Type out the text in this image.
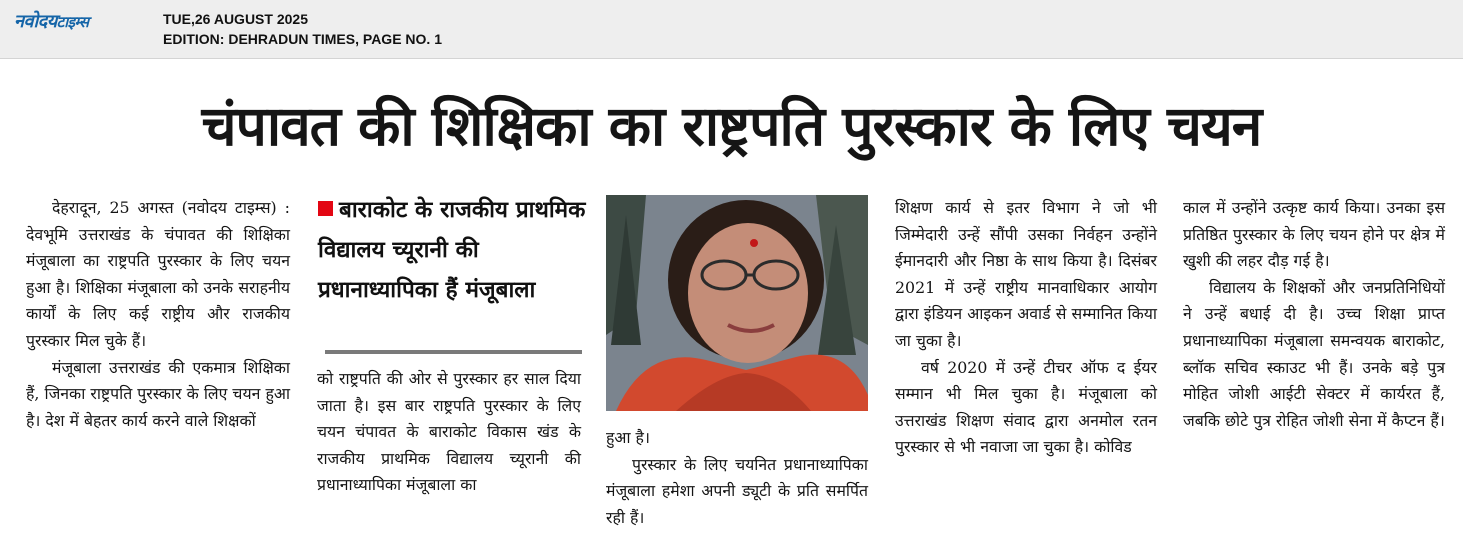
नवोदयटाइम्स	TUE,26 AUGUST 2025
EDITION: DEHRADUN TIMES, PAGE NO. 1
चंपावत की शिक्षिका का राष्ट्रपति पुरस्कार के लिए चयन

देहरादून, 25 अगस्त (नवोदय टाइम्स) : देवभूमि उत्तराखंड के चंपावत की शिक्षिका मंजूबाला का राष्ट्रपति पुरस्कार के लिए चयन हुआ है। शिक्षिका मंजूबाला को उनके सराहनीय कार्यों के लिए कई राष्ट्रीय और राजकीय पुरस्कार मिल चुके हैं।

मंजूबाला उत्तराखंड की एकमात्र शिक्षिका हैं, जिनका राष्ट्रपति पुरस्कार के लिए चयन हुआ है। देश में बेहतर कार्य करने वाले शिक्षकों

बाराकोट के राजकीय प्राथमिक विद्यालय च्यूरानी की प्रधानाध्यापिका हैं मंजूबाला

को राष्ट्रपति की ओर से पुरस्कार हर साल दिया जाता है। इस बार राष्ट्रपति पुरस्कार के लिए चयन चंपावत के बाराकोट विकास खंड के राजकीय प्राथमिक विद्यालय च्यूरानी की प्रधानाध्यापिका मंजूबाला का

हुआ है।

पुरस्कार के लिए चयनित प्रधानाध्यापिका मंजूबाला हमेशा अपनी ड्यूटी के प्रति समर्पित रही हैं।

शिक्षण कार्य से इतर विभाग ने जो भी जिम्मेदारी उन्हें सौंपी उसका निर्वहन उन्होंने ईमानदारी और निष्ठा के साथ किया है। दिसंबर 2021 में उन्हें राष्ट्रीय मानवाधिकार आयोग द्वारा इंडियन आइकन अवार्ड से सम्मानित किया जा चुका है।

वर्ष 2020 में उन्हें टीचर ऑफ द ईयर सम्मान भी मिल चुका है। मंजूबाला को उत्तराखंड शिक्षण संवाद द्वारा अनमोल रतन पुरस्कार से भी नवाजा जा चुका है। कोविड

काल में उन्होंने उत्कृष्ट कार्य किया। उनका इस प्रतिष्ठित पुरस्कार के लिए चयन होने पर क्षेत्र में खुशी की लहर दौड़ गई है।

विद्यालय के शिक्षकों और जनप्रतिनिधियों ने उन्हें बधाई दी है। उच्च शिक्षा प्राप्त प्रधानाध्यापिका मंजूबाला समन्वयक बाराकोट, ब्लॉक सचिव स्काउट भी हैं। उनके बड़े पुत्र मोहित जोशी आईटी सेक्टर में कार्यरत हैं, जबकि छोटे पुत्र रोहित जोशी सेना में कैप्टन हैं।
